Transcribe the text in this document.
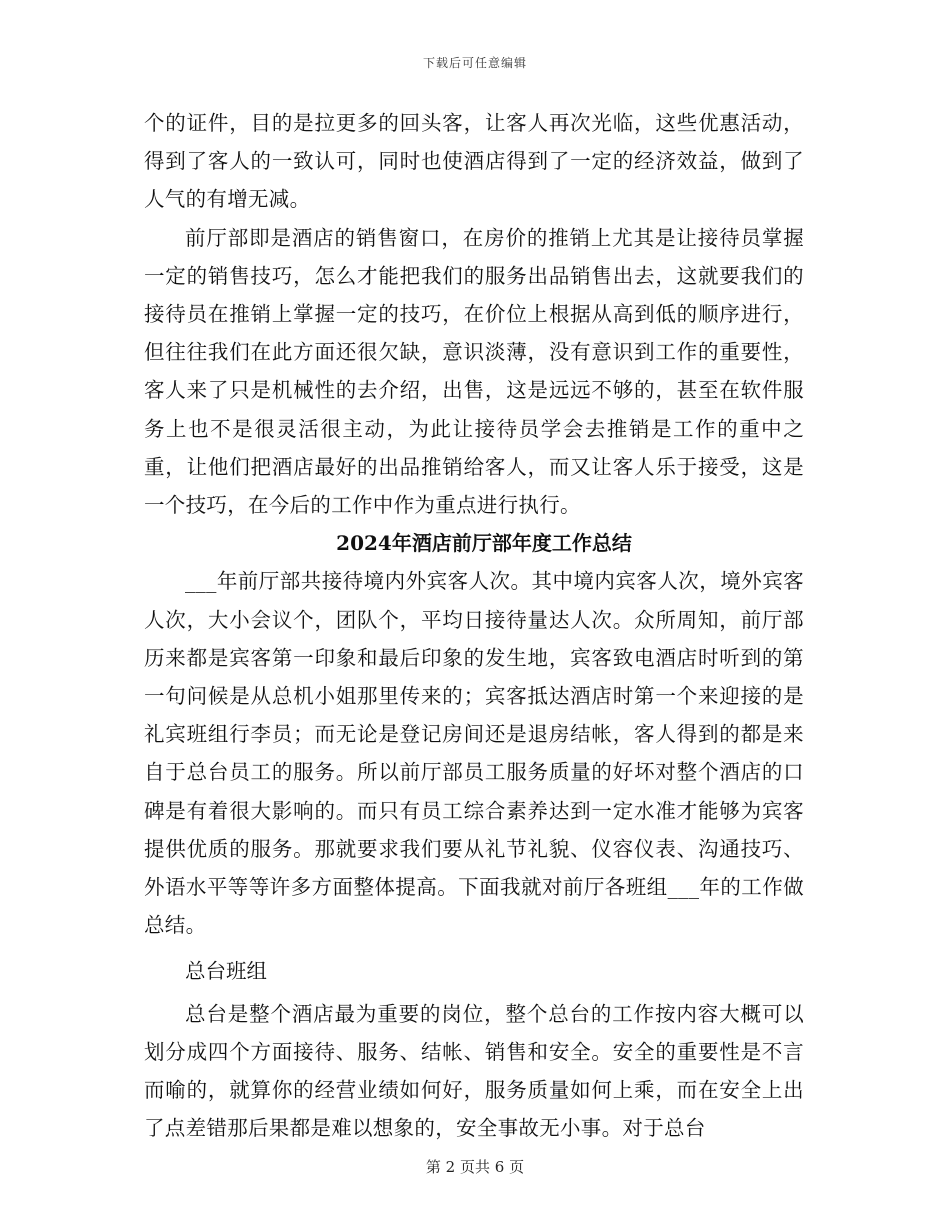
下载后可任意编辑

个的证件，目的是拉更多的回头客，让客人再次光临，这些优惠活动，得到了客人的一致认可，同时也使酒店得到了一定的经济效益，做到了人气的有增无减。

前厅部即是酒店的销售窗口，在房价的推销上尤其是让接待员掌握一定的销售技巧，怎么才能把我们的服务出品销售出去，这就要我们的接待员在推销上掌握一定的技巧，在价位上根据从高到低的顺序进行，但往往我们在此方面还很欠缺，意识淡薄，没有意识到工作的重要性，客人来了只是机械性的去介绍，出售，这是远远不够的，甚至在软件服务上也不是很灵活很主动，为此让接待员学会去推销是工作的重中之重，让他们把酒店最好的出品推销给客人，而又让客人乐于接受，这是一个技巧，在今后的工作中作为重点进行执行。

2024年酒店前厅部年度工作总结

___年前厅部共接待境内外宾客人次。其中境内宾客人次，境外宾客人次，大小会议个，团队个，平均日接待量达人次。众所周知，前厅部历来都是宾客第一印象和最后印象的发生地，宾客致电酒店时听到的第一句问候是从总机小姐那里传来的；宾客抵达酒店时第一个来迎接的是礼宾班组行李员；而无论是登记房间还是退房结帐，客人得到的都是来自于总台员工的服务。所以前厅部员工服务质量的好坏对整个酒店的口碑是有着很大影响的。而只有员工综合素养达到一定水准才能够为宾客提供优质的服务。那就要求我们要从礼节礼貌、仪容仪表、沟通技巧、外语水平等等许多方面整体提高。下面我就对前厅各班组___年的工作做总结。

总台班组

总台是整个酒店最为重要的岗位，整个总台的工作按内容大概可以划分成四个方面接待、服务、结帐、销售和安全。安全的重要性是不言而喻的，就算你的经营业绩如何好，服务质量如何上乘，而在安全上出了点差错那后果都是难以想象的，安全事故无小事。对于总台

第 2 页共 6 页
